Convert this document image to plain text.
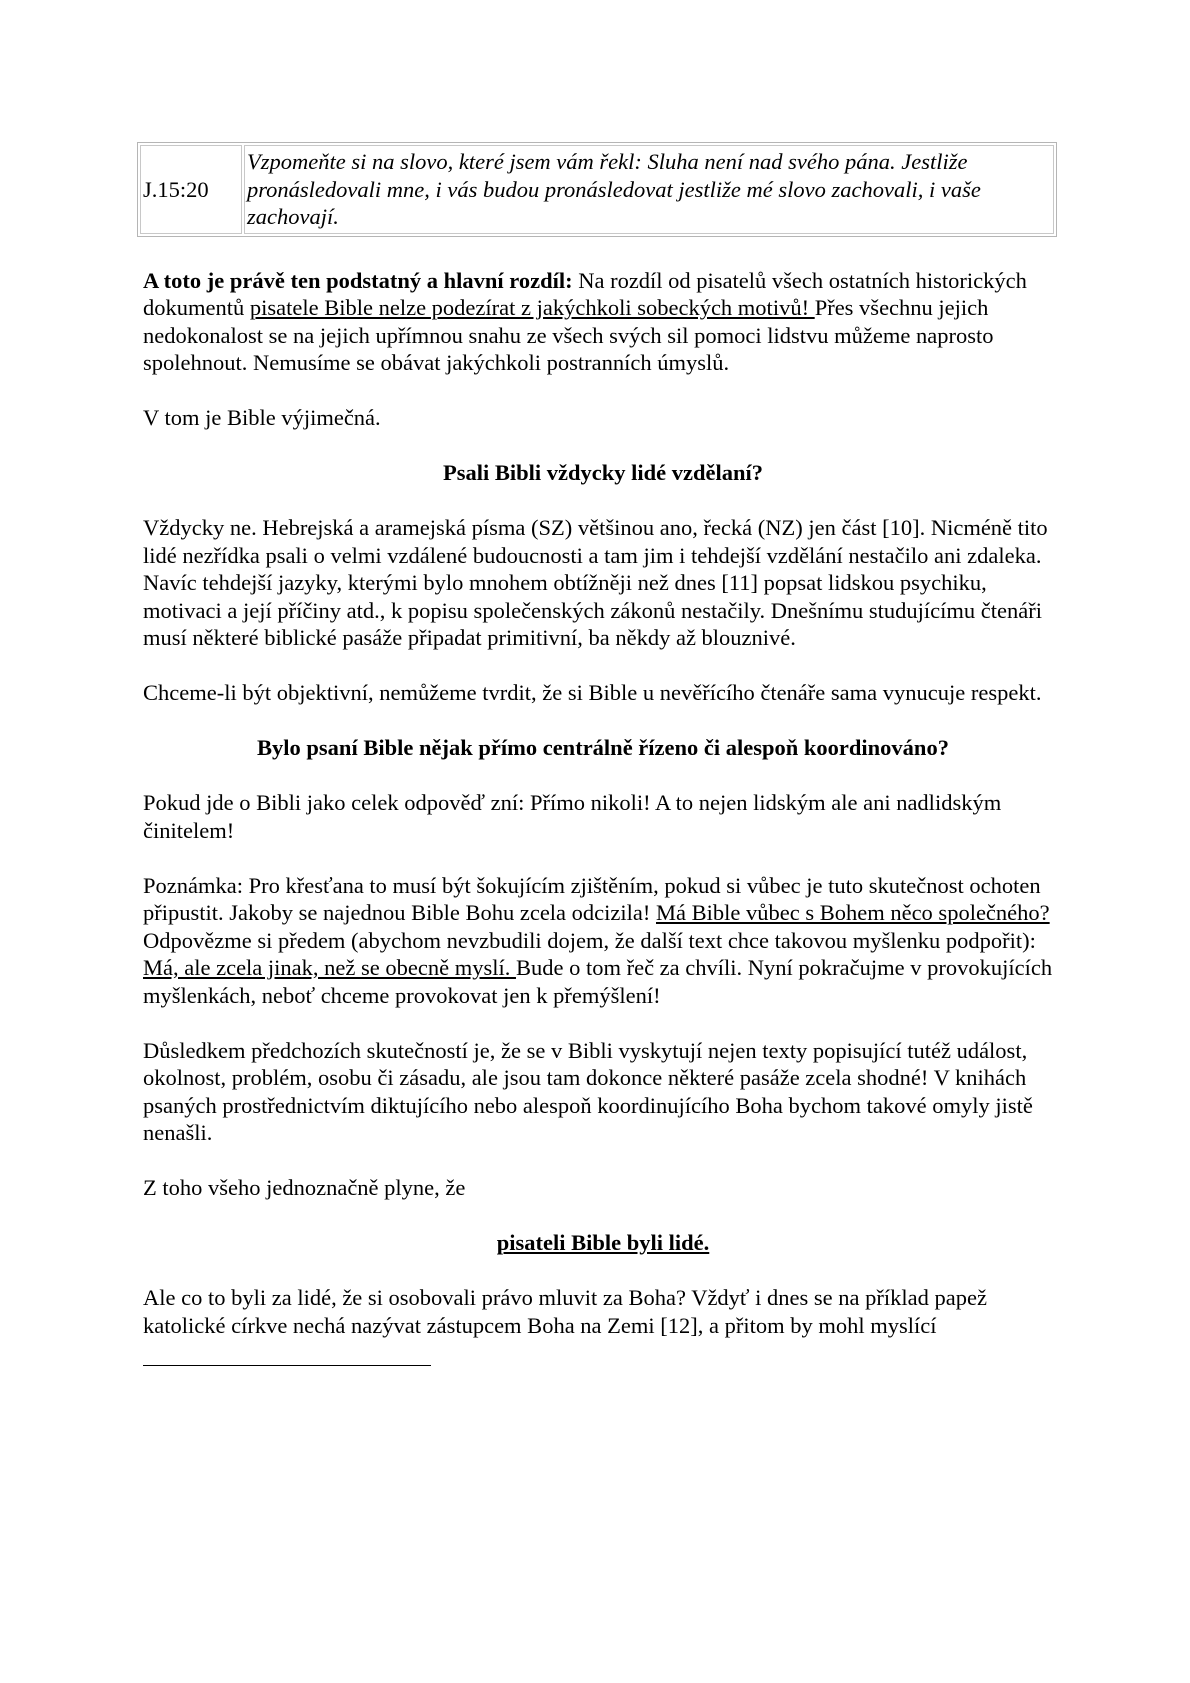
J.15:20	Vzpomeňte si na slovo, které jsem vám řekl: Sluha není nad svého pána. Jestliže pronásledovali mne, i vás budou pronásledovat jestliže mé slovo zachovali, i vaše zachovají.

A toto je právě ten podstatný a hlavní rozdíl: Na rozdíl od pisatelů všech ostatních historických dokumentů pisatele Bible nelze podezírat z jakýchkoli sobeckých motivů! Přes všechnu jejich nedokonalost se na jejich upřímnou snahu ze všech svých sil pomoci lidstvu můžeme naprosto spolehnout. Nemusíme se obávat jakýchkoli postranních úmyslů.

V tom je Bible výjimečná.

Psali Bibli vždycky lidé vzdělaní?

Vždycky ne. Hebrejská a aramejská písma (SZ) většinou ano, řecká (NZ) jen část [10]. Nicméně tito lidé nezřídka psali o velmi vzdálené budoucnosti a tam jim i tehdejší vzdělání nestačilo ani zdaleka. Navíc tehdejší jazyky, kterými bylo mnohem obtížněji než dnes [11] popsat lidskou psychiku, motivaci a její příčiny atd., k popisu společenských zákonů nestačily. Dnešnímu studujícímu čtenáři musí některé biblické pasáže připadat primitivní, ba někdy až blouznivé.

Chceme-li být objektivní, nemůžeme tvrdit, že si Bible u nevěřícího čtenáře sama vynucuje respekt.

Bylo psaní Bible nějak přímo centrálně řízeno či alespoň koordinováno?

Pokud jde o Bibli jako celek odpověď zní: Přímo nikoli! A to nejen lidským ale ani nadlidským činitelem!

Poznámka: Pro křesťana to musí být šokujícím zjištěním, pokud si vůbec je tuto skutečnost ochoten připustit. Jakoby se najednou Bible Bohu zcela odcizila! Má Bible vůbec s Bohem něco společného? Odpovězme si předem (abychom nevzbudili dojem, že další text chce takovou myšlenku podpořit): Má, ale zcela jinak, než se obecně myslí. Bude o tom řeč za chvíli. Nyní pokračujme v provokujících myšlenkách, neboť chceme provokovat jen k přemýšlení!

Důsledkem předchozích skutečností je, že se v Bibli vyskytují nejen texty popisující tutéž událost, okolnost, problém, osobu či zásadu, ale jsou tam dokonce některé pasáže zcela shodné! V knihách psaných prostřednictvím diktujícího nebo alespoň koordinujícího Boha bychom takové omyly jistě nenašli.

Z toho všeho jednoznačně plyne, že

pisateli Bible byli lidé.

Ale co to byli za lidé, že si osobovali právo mluvit za Boha? Vždyť i dnes se na příklad papež katolické církve nechá nazývat zástupcem Boha na Zemi [12], a přitom by mohl myslící
